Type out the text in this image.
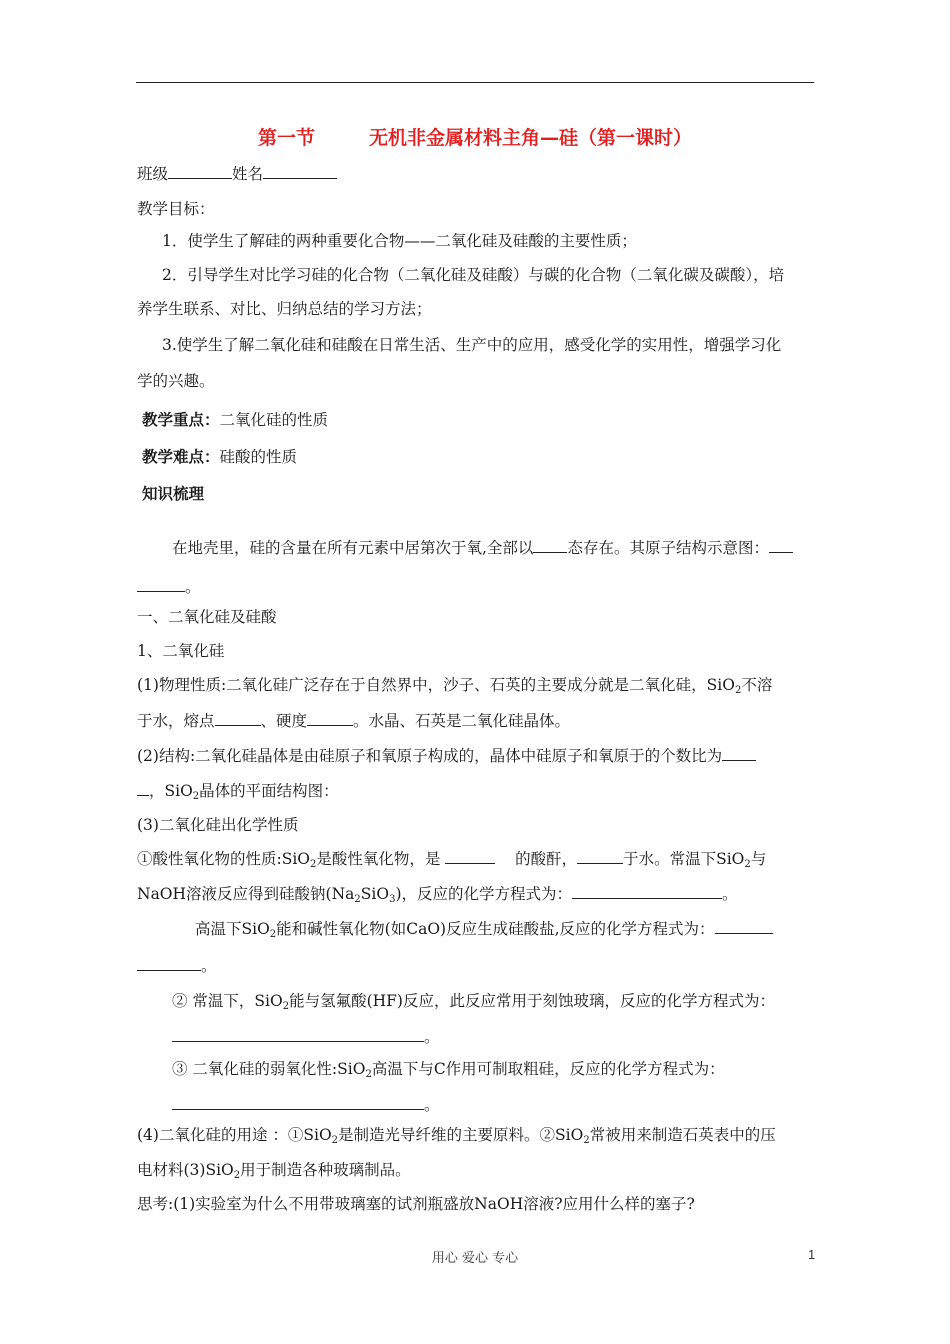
第一节	无机非金属材料主角—硅（第一课时）
班级	姓名
教学目标：
1．使学生了解硅的两种重要化合物——二氧化硅及硅酸的主要性质；
2．引导学生对比学习硅的化合物（二氧化硅及硅酸）与碳的化合物（二氧化碳及碳酸），培
养学生联系、对比、归纳总结的学习方法；
3.使学生了解二氧化硅和硅酸在日常生活、生产中的应用，感受化学的实用性，增强学习化
学的兴趣。
教学重点：二氧化硅的性质
教学难点：硅酸的性质
知识梳理
在地壳里，硅的含量在所有元素中居第次于氧,全部以 态存在。其原子结构示意图：
。
一、二氧化硅及硅酸
1、二氧化硅
(1)物理性质:二氧化硅广泛存在于自然界中，沙子、石英的主要成分就是二氧化硅，SiO$_2$不溶
于水，熔点	、硬度	。水晶、石英是二氧化硅晶体。
(2)结构:二氧化硅晶体是由硅原子和氧原子构成的，晶体中硅原子和氧原于的个数比为
，SiO$_2$晶体的平面结构图：
(3)二氧化硅出化学性质
①酸性氧化物的性质:SiO$_2$是酸性氧化物，是	的酸酐，	于水。常温下SiO$_2$与
NaOH溶液反应得到硅酸钠$(Na_2SiO_3)$，反应的化学方程式为：	。
高温下SiO$_2$能和碱性氧化物(如CaO)反应生成硅酸盐,反应的化学方程式为：
。
② 常温下，SiO$_2$能与氢氟酸(HF)反应，此反应常用于刻蚀玻璃，反应的化学方程式为：
。
③ 二氧化硅的弱氧化性:SiO$_2$高温下与C作用可制取粗硅，反应的化学方程式为：
。
(4)二氧化硅的用途 ：①SiO$_2$是制造光导纤维的主要原料。②SiO$_2$常被用来制造石英表中的压
电材料(3)SiO$_2$用于制造各种玻璃制品。
思考:(1)实验室为什么不用带玻璃塞的试剂瓶盛放NaOH溶液?应用什么样的塞子?
用心 爱心 专心	1
